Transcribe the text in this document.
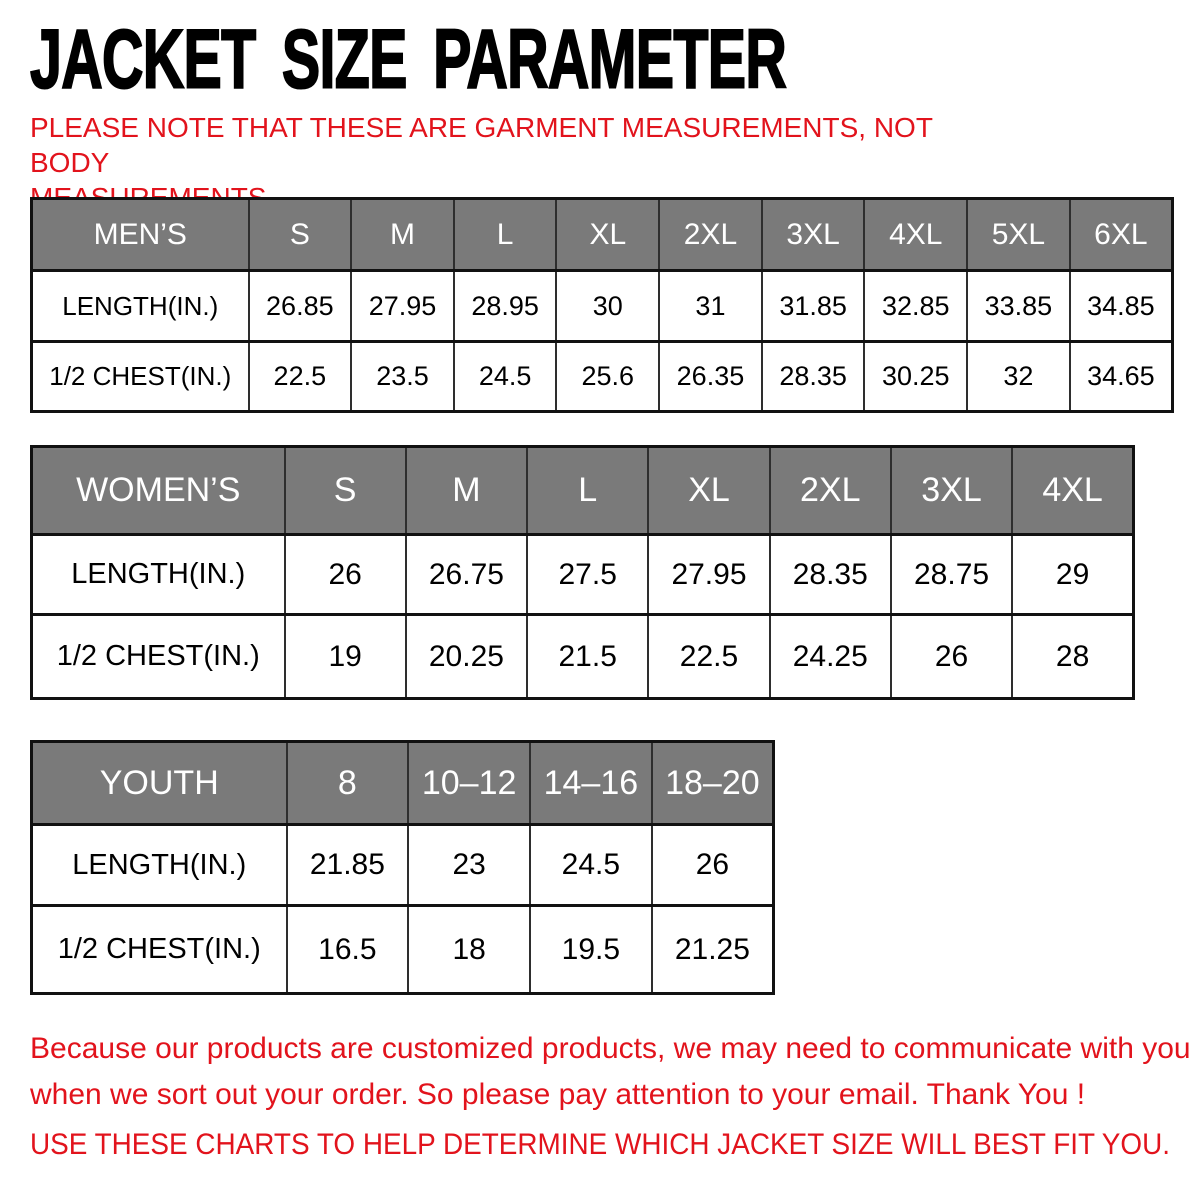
JACKET SIZE PARAMETER
PLEASE NOTE THAT THESE ARE GARMENT MEASUREMENTS, NOT BODY

MEN’S	S	M	L	XL	2XL	3XL	4XL	5XL	6XL
LENGTH(IN.)	26.85	27.95	28.95	30	31	31.85	32.85	33.85	34.85
1/2 CHEST(IN.)	22.5	23.5	24.5	25.6	26.35	28.35	30.25	32	34.65
WOMEN’S	S	M	L	XL	2XL	3XL	4XL
LENGTH(IN.)	26	26.75	27.5	27.95	28.35	28.75	29
1/2 CHEST(IN.)	19	20.25	21.5	22.5	24.25	26	28
YOUTH	8	10–12	14–16	18–20
LENGTH(IN.)	21.85	23	24.5	26
1/2 CHEST(IN.)	16.5	18	19.5	21.25
Because our products are customized products, we may need to communicate with you
when we sort out your order. So please pay attention to your email. Thank You !
USE THESE CHARTS TO HELP DETERMINE WHICH JACKET SIZE WILL BEST FIT YOU.
